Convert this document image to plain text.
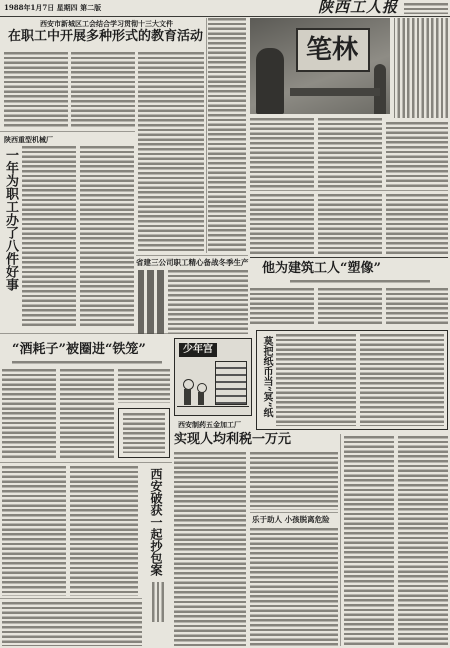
1988年1月7日 星期四 第二版	陕西工人报
西安市新城区工会结合学习贯彻十三大文件
在职工中开展多种形式的教育活动
陕西重型机械厂
一年为职工办了八件好事	省建三公司职工精心备战冬季生产
笔林
他为建筑工人“塑像”
莫把纸币当“冥”纸
少年宫
“酒耗子”被圈进“铁笼”
西安制药五金加工厂
实现人均利税一万元
乐于助人 小孩脱离危险
西安破获一起抄包案
